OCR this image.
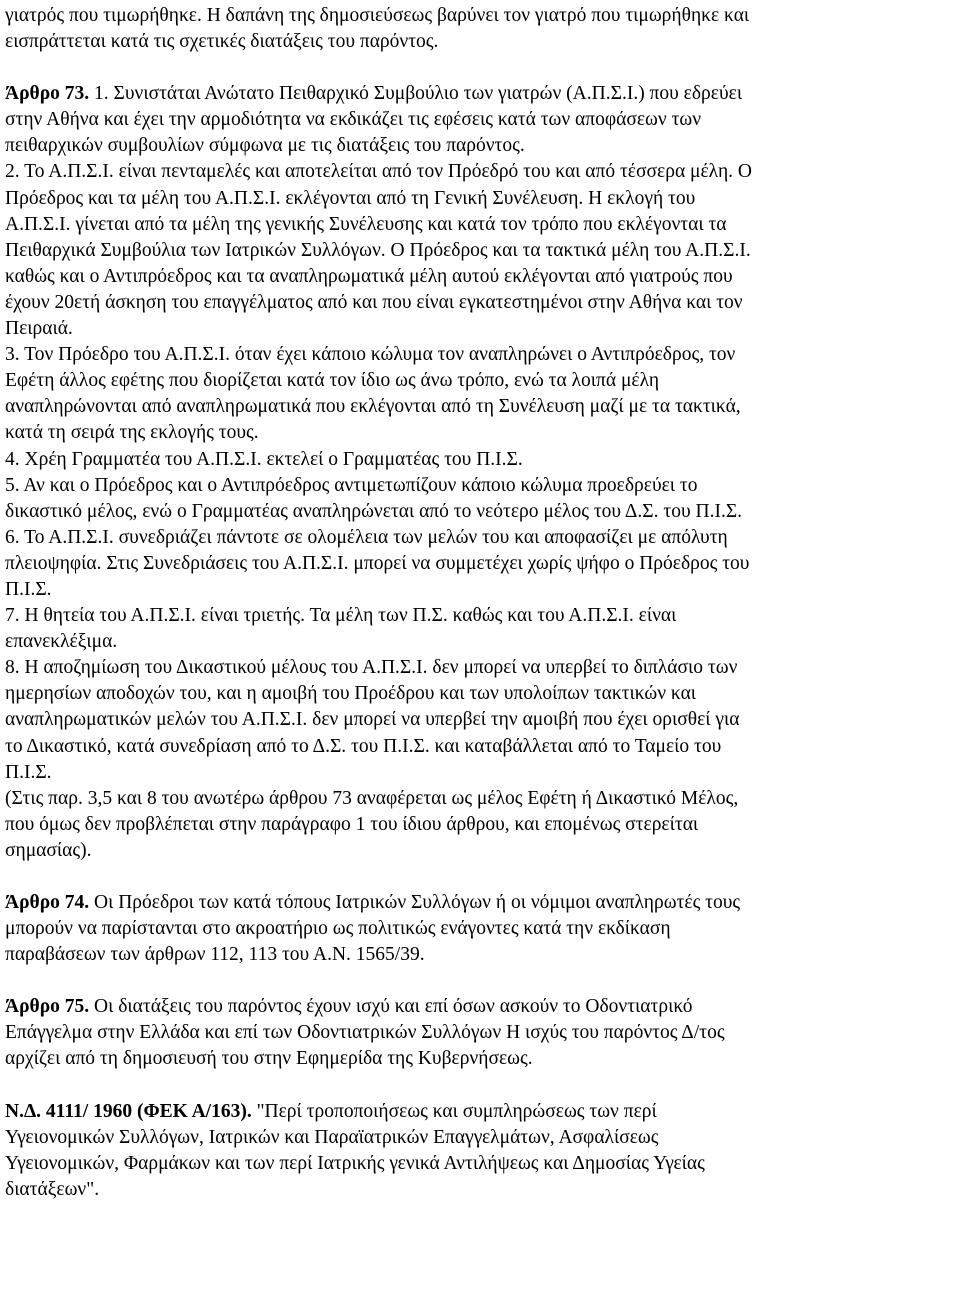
γιατρός που τιμωρήθηκε. Η δαπάνη της δημοσιεύσεως βαρύνει τον γιατρό που τιμωρήθηκε και
εισπράττεται κατά τις σχετικές διατάξεις του παρόντος.
Άρθρο 73. 1. Συνιστάται Ανώτατο Πειθαρχικό Συμβούλιο των γιατρών (Α.Π.Σ.Ι.) που εδρεύει
στην Αθήνα και έχει την αρμοδιότητα να εκδικάζει τις εφέσεις κατά των αποφάσεων των
πειθαρχικών συμβουλίων σύμφωνα με τις διατάξεις του παρόντος.
2. Το Α.Π.Σ.Ι. είναι πενταμελές και αποτελείται από τον Πρόεδρό του και από τέσσερα μέλη. Ο
Πρόεδρος και τα μέλη του Α.Π.Σ.Ι. εκλέγονται από τη Γενική Συνέλευση. Η εκλογή του
Α.Π.Σ.Ι. γίνεται από τα μέλη της γενικής Συνέλευσης και κατά τον τρόπο που εκλέγονται τα
Πειθαρχικά Συμβούλια των Ιατρικών Συλλόγων. Ο Πρόεδρος και τα τακτικά μέλη του Α.Π.Σ.Ι.
καθώς και ο Αντιπρόεδρος και τα αναπληρωματικά μέλη αυτού εκλέγονται από γιατρούς που
έχουν 20ετή άσκηση του επαγγέλματος από και που είναι εγκατεστημένοι στην Αθήνα και τον
Πειραιά.
3. Τον Πρόεδρο του Α.Π.Σ.Ι. όταν έχει κάποιο κώλυμα τον αναπληρώνει ο Αντιπρόεδρος, τον
Εφέτη άλλος εφέτης που διορίζεται κατά τον ίδιο ως άνω τρόπο, ενώ τα λοιπά μέλη
αναπληρώνονται από αναπληρωματικά που εκλέγονται από τη Συνέλευση μαζί με τα τακτικά,
κατά τη σειρά της εκλογής τους.
4. Χρέη Γραμματέα του Α.Π.Σ.Ι. εκτελεί ο Γραμματέας του Π.Ι.Σ.
5. Αν και ο Πρόεδρος και ο Αντιπρόεδρος αντιμετωπίζουν κάποιο κώλυμα προεδρεύει το
δικαστικό μέλος, ενώ ο Γραμματέας αναπληρώνεται από το νεότερο μέλος του Δ.Σ. του Π.Ι.Σ.
6. Το Α.Π.Σ.Ι. συνεδριάζει πάντοτε σε ολομέλεια των μελών του και αποφασίζει με απόλυτη
πλειοψηφία. Στις Συνεδριάσεις του Α.Π.Σ.Ι. μπορεί να συμμετέχει χωρίς ψήφο ο Πρόεδρος του
Π.Ι.Σ.
7. Η θητεία του Α.Π.Σ.Ι. είναι τριετής. Τα μέλη των Π.Σ. καθώς και του Α.Π.Σ.Ι. είναι
επανεκλέξιμα.
8. Η αποζημίωση του Δικαστικού μέλους του Α.Π.Σ.Ι. δεν μπορεί να υπερβεί το διπλάσιο των
ημερησίων αποδοχών του, και η αμοιβή του Προέδρου και των υπολοίπων τακτικών και
αναπληρωματικών μελών του Α.Π.Σ.Ι. δεν μπορεί να υπερβεί την αμοιβή που έχει ορισθεί για
το Δικαστικό, κατά συνεδρίαση από το Δ.Σ. του Π.Ι.Σ. και καταβάλλεται από το Ταμείο του
Π.Ι.Σ.
(Στις παρ. 3,5 και 8 του ανωτέρω άρθρου 73 αναφέρεται ως μέλος Εφέτη ή Δικαστικό Μέλος,
που όμως δεν προβλέπεται στην παράγραφο 1 του ίδιου άρθρου, και επομένως στερείται
σημασίας).
Άρθρο 74. Οι Πρόεδροι των κατά τόπους Ιατρικών Συλλόγων ή οι νόμιμοι αναπληρωτές τους
μπορούν να παρίστανται στο ακροατήριο ως πολιτικώς ενάγοντες κατά την εκδίκαση
παραβάσεων των άρθρων 112, 113 του Α.Ν. 1565/39.
Άρθρο 75. Οι διατάξεις του παρόντος έχουν ισχύ και επί όσων ασκούν το Οδοντιατρικό
Επάγγελμα στην Ελλάδα και επί των Οδοντιατρικών Συλλόγων Η ισχύς του παρόντος Δ/τος
αρχίζει από τη δημοσιευσή του στην Εφημερίδα της Κυβερνήσεως.
Ν.Δ. 4111/ 1960 (ΦΕΚ Α/163). "Περί τροποποιήσεως και συμπληρώσεως των περί
Υγειονομικών Συλλόγων, Ιατρικών και Παραϊατρικών Επαγγελμάτων, Ασφαλίσεως
Υγειονομικών, Φαρμάκων και των περί Ιατρικής γενικά Αντιλήψεως και Δημοσίας Υγείας
διατάξεων".
